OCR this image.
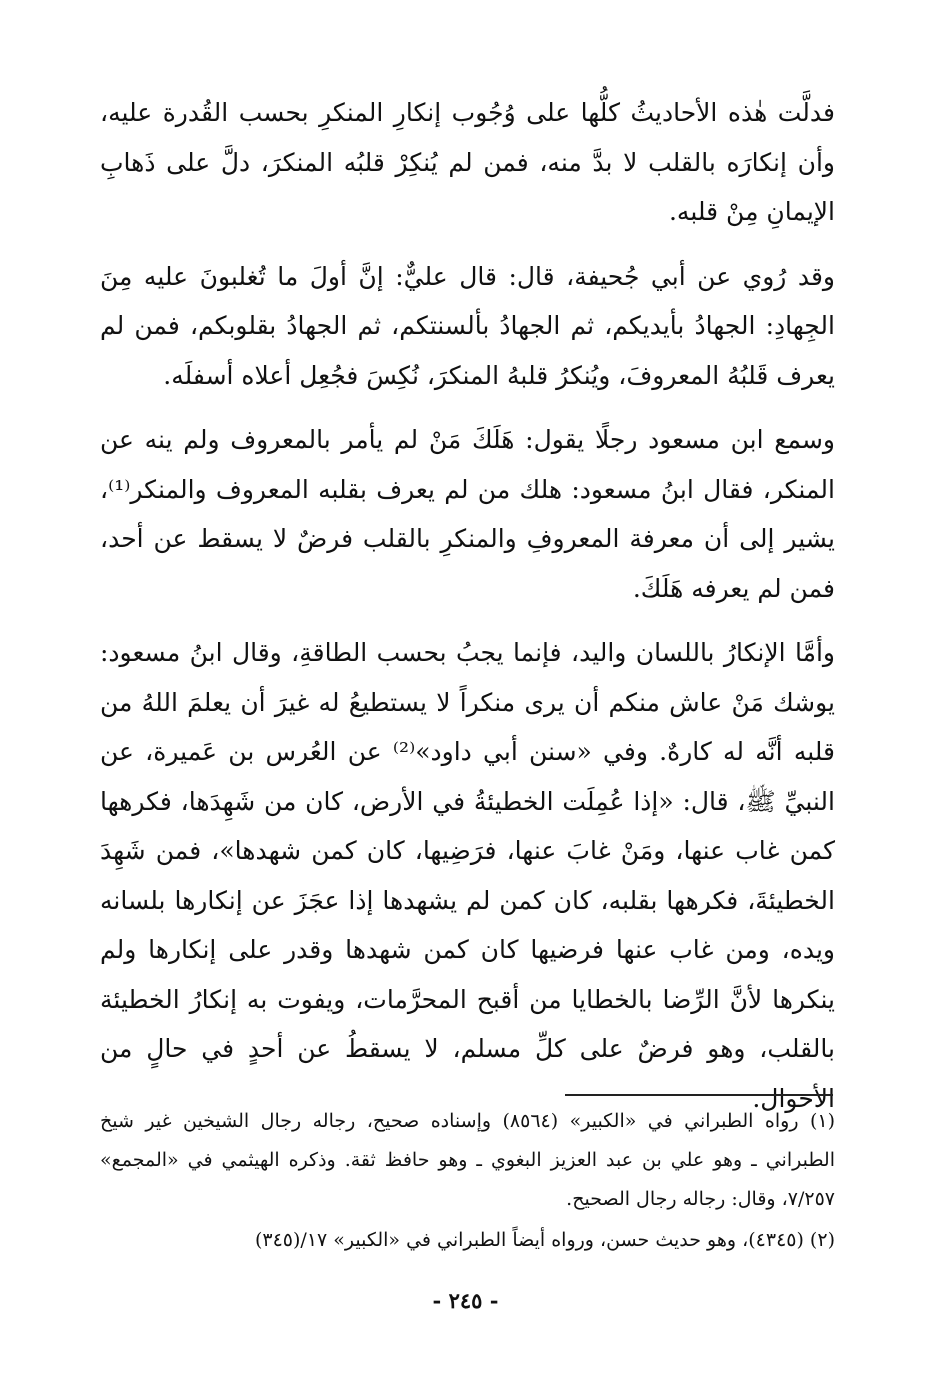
فدلَّت هٰذه الأحاديثُ كلُّها على وُجُوب إنكارِ المنكرِ بحسب القُدرة عليه، وأن إنكارَه بالقلب لا بدَّ منه، فمن لم يُنكِرْ قلبُه المنكرَ، دلَّ على ذَهابِ الإيمانِ مِنْ قلبه.

وقد رُوي عن أبي جُحيفة، قال: قال عليٌّ: إنَّ أولَ ما تُغلبونَ عليه مِنَ الجِهادِ: الجهادُ بأيديكم، ثم الجهادُ بألسنتكم، ثم الجهادُ بقلوبكم، فمن لم يعرف قَلبُهُ المعروفَ، ويُنكرُ قلبهُ المنكرَ، نُكِسَ فجُعِل أعلاه أسفلَه.

وسمع ابن مسعود رجلًا يقول: هَلَكَ مَنْ لم يأمر بالمعروف ولم ينه عن المنكر، فقال ابنُ مسعود: هلك من لم يعرف بقلبه المعروف والمنكر⁽¹⁾، يشير إلى أن معرفة المعروفِ والمنكرِ بالقلب فرضٌ لا يسقط عن أحد، فمن لم يعرفه هَلَكَ.

وأمَّا الإنكارُ باللسان واليد، فإنما يجبُ بحسب الطاقةِ، وقال ابنُ مسعود: يوشك مَنْ عاش منكم أن يرى منكراً لا يستطيعُ له غيرَ أن يعلمَ اللهُ من قلبه أنَّه له كارهٌ. وفي «سنن أبي داود»⁽²⁾ عن العُرس بن عَميرة، عن النبيِّ ﷺ، قال: «إذا عُمِلَت الخطيئةُ في الأرض، كان من شَهِدَها، فكرهها كمن غاب عنها، ومَنْ غابَ عنها، فرَضِيها، كان كمن شهدها»، فمن شَهِدَ الخطيئةَ، فكرهها بقلبه، كان كمن لم يشهدها إذا عجَزَ عن إنكارها بلسانه ويده، ومن غاب عنها فرضيها كان كمن شهدها وقدر على إنكارها ولم ينكرها لأنَّ الرِّضا بالخطايا من أقبح المحرَّمات، ويفوت به إنكارُ الخطيئة بالقلب، وهو فرضٌ على كلِّ مسلم، لا يسقطُ عن أحدٍ في حالٍ من الأحوال.

(١) رواه الطبراني في «الكبير» (٨٥٦٤) وإسناده صحيح، رجاله رجال الشيخين غير شيخ الطبراني ـ وهو علي بن عبد العزيز البغوي ـ وهو حافظ ثقة. وذكره الهيثمي في «المجمع» ٧/٢٥٧، وقال: رجاله رجال الصحيح.

(٢) (٤٣٤٥)، وهو حديث حسن، ورواه أيضاً الطبراني في «الكبير» ١٧/(٣٤٥)

- ٢٤٥ -
